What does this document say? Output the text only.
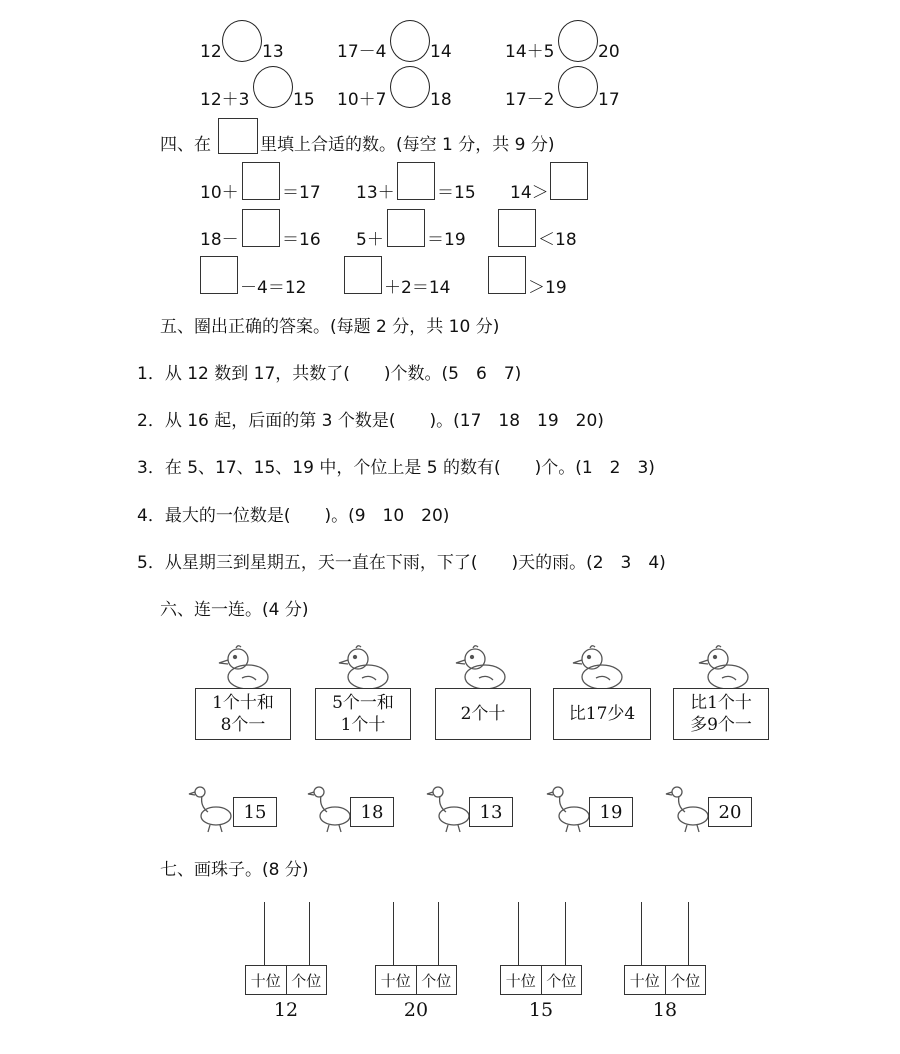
12 13	17－4	14	14＋5	20
12＋3	15 10＋7	18	17－2	17
四、在	里填上合适的数。(每空 1 分，共 9 分)
10＋	＝17 13＋ ＝15 14＞
18－	＝16 5＋	＝19	＜18
－4＝12	＋2＝14	＞19
五、圈出正确的答案。(每题 2 分，共 10 分)
1．从 12 数到 17，共数了(　　)个数。(5　6　7)
2．从 16 起，后面的第 3 个数是(　　)。(17　18　19　20)
3．在 5、17、15、19 中，个位上是 5 的数有(　　)个。(1　2　3)
4．最大的一位数是(　　)。(9　10　20)
5．从星期三到星期五，天一直在下雨，下了(　　)天的雨。(2　3　4)
六、连一连。(4 分)
1个十和
8个一
5个一和
1个十
2个十	比17少4
比1个十
多9个一
15	18	13	19	20
七、画珠子。(8 分)
十位 个位
12
十位 个位
20
十位 个位
15
十位 个位
18
